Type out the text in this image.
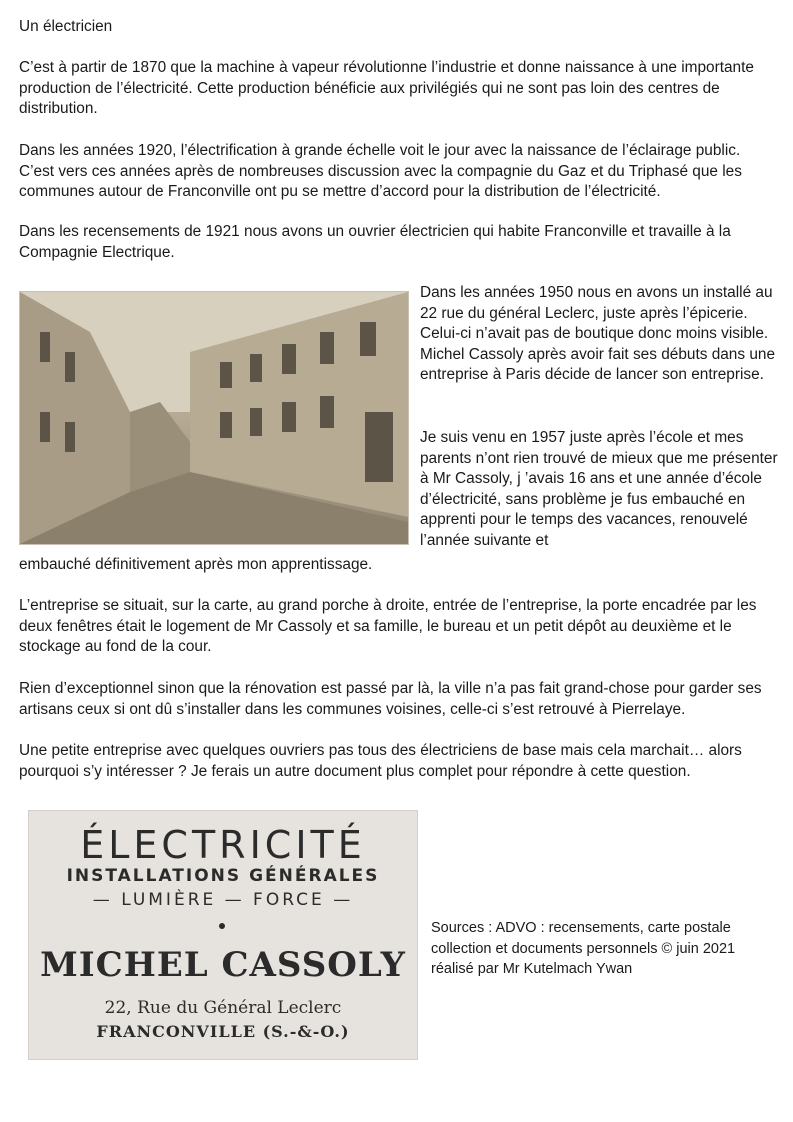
Un électricien

C’est à partir de 1870 que la machine à vapeur révolutionne l’industrie et donne naissance à une importante production de l’électricité. Cette production bénéficie aux privilégiés qui ne sont pas loin des centres de distribution.

Dans les années 1920, l’électrification à grande échelle voit le jour avec la naissance de l’éclairage public. C’est vers ces années après de nombreuses discussion avec la compagnie du Gaz et du Triphasé que les communes autour de Franconville ont pu se mettre d’accord pour la distribution de l’électricité.

Dans les recensements de 1921 nous avons un ouvrier électricien qui habite Franconville et travaille à la Compagnie Electrique.

Dans les années 1950 nous en avons un installé au 22 rue du général Leclerc, juste après l’épicerie. Celui-ci n’avait pas de boutique donc moins visible. Michel Cassoly après avoir fait ses débuts dans une entreprise à Paris décide de lancer son entreprise.

Je suis venu en 1957 juste après l’école et mes parents n’ont rien trouvé de mieux que me présenter à Mr Cassoly, j ’avais 16 ans et une année d’école d’électricité, sans problème je fus embauché en apprenti pour le temps des vacances, renouvelé l’année suivante et

embauché définitivement après mon apprentissage.

L’entreprise se situait, sur la carte, au grand porche à droite, entrée de l’entreprise, la porte encadrée par les deux fenêtres était le logement de Mr Cassoly et sa famille, le bureau et un petit dépôt au deuxième et le stockage au fond de la cour.

Rien d’exceptionnel sinon que la rénovation est passé par là, la ville n’a pas fait grand-chose pour garder ses artisans ceux si ont dû s’installer dans les communes voisines, celle-ci s’est retrouvé à Pierrelaye.

Une petite entreprise avec quelques ouvriers pas tous des électriciens de base mais cela marchait… alors pourquoi s’y intéresser ? Je ferais un autre document plus complet pour répondre à cette question.

ÉLECTRICITÉ

INSTALLATIONS GÉNÉRALES

— LUMIÈRE — FORCE —

MICHEL CASSOLY

22, Rue du Général Leclerc

FRANCONVILLE (S.-&-O.)

Sources : ADVO : recensements, carte postale collection et documents personnels © juin 2021 réalisé par Mr Kutelmach Ywan
